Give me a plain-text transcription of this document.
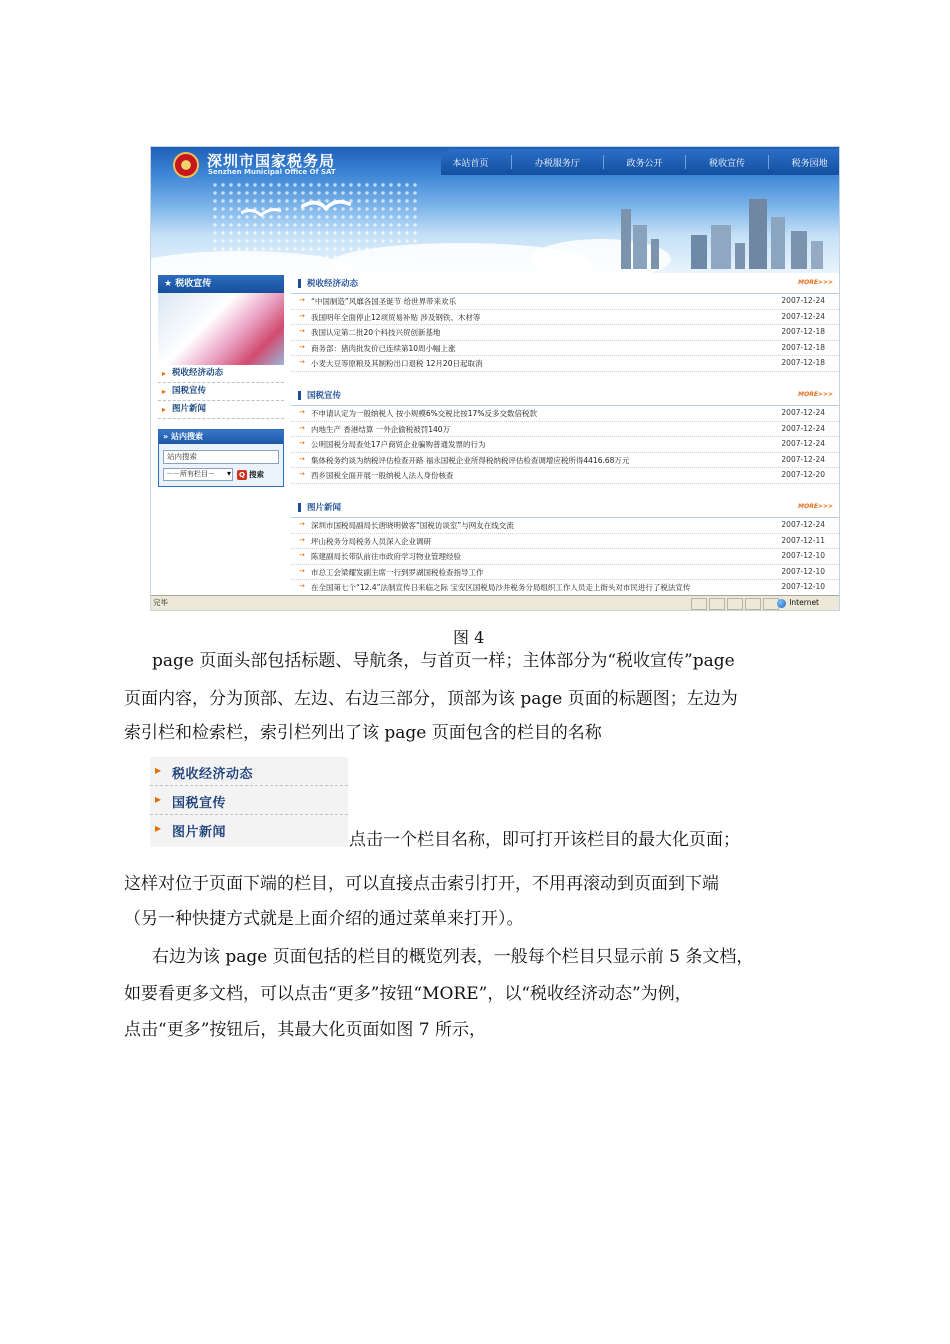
深圳市国家税务局
Senzhen Municipal Office Of SAT
本站首页	办税服务厅	政务公开	税收宣传	税务园地
★ 税收宣传
▸ 税收经济动态
▸ 国税宣传
▸ 图片新闻
» 站内搜索
站内搜索
－－所有栏目－ ▾	Q 搜索
税收经济动态	MORE>>>
→ “中国制造”风靡各国圣诞节 给世界带来欢乐	2007-12-24
→ 我国明年全面停止12项贸易补贴 涉及钢铁、木材等	2007-12-24
→ 我国认定第二批20个科技兴贸创新基地	2007-12-18
→ 商务部：猪肉批发价已连续第10周小幅上涨	2007-12-18
→ 小麦大豆等原粮及其制粉出口退税 12月20日起取消	2007-12-18
国税宣传	MORE>>>
→ 不申请认定为一般纳税人 按小规模6%交税比按17%反多交数倍税款	2007-12-24
→ 内地生产 香港结算 一外企偷税被罚140万	2007-12-24
→ 公明国税分局查处17户商贸企业骗购普通发票的行为	2007-12-24
→ 集体税务约谈为纳税评估检查开路 福永国税企业所得税纳税评估检查调增应税所得4416.68万元	2007-12-24
→ 西乡国税全面开展一般纳税人法人身份核查	2007-12-20
图片新闻	MORE>>>
→ 深圳市国税局副局长唐晓明做客“国税访谈室”与网友在线交流	2007-12-24
→ 坪山税务分局税务人员深入企业调研	2007-12-11
→ 陈建副局长带队前往市政府学习物业管理经验	2007-12-10
→ 市总工会梁耀发副主席一行到罗湖国税检查指导工作	2007-12-10
→ 在全国第七个“12.4”法制宣传日来临之际 宝安区国税局沙井税务分局组织工作人员走上街头对市民进行了税法宣传	2007-12-10
完毕	Internet
图 4
page 页面头部包括标题、导航条，与首页一样；主体部分为“税收宣传”page
页面内容，分为顶部、左边、右边三部分，顶部为该 page 页面的标题图；左边为
索引栏和检索栏，索引栏列出了该 page 页面包含的栏目的名称
▸ 税收经济动态
▸ 国税宣传
▸ 图片新闻	点击一个栏目名称，即可打开该栏目的最大化页面；
这样对位于页面下端的栏目，可以直接点击索引打开，不用再滚动到页面到下端
（另一种快捷方式就是上面介绍的通过菜单来打开）。
右边为该 page 页面包括的栏目的概览列表，一般每个栏目只显示前 5 条文档，
如要看更多文档，可以点击“更多”按钮“MORE”，以“税收经济动态”为例，
点击“更多”按钮后，其最大化页面如图 7 所示，
